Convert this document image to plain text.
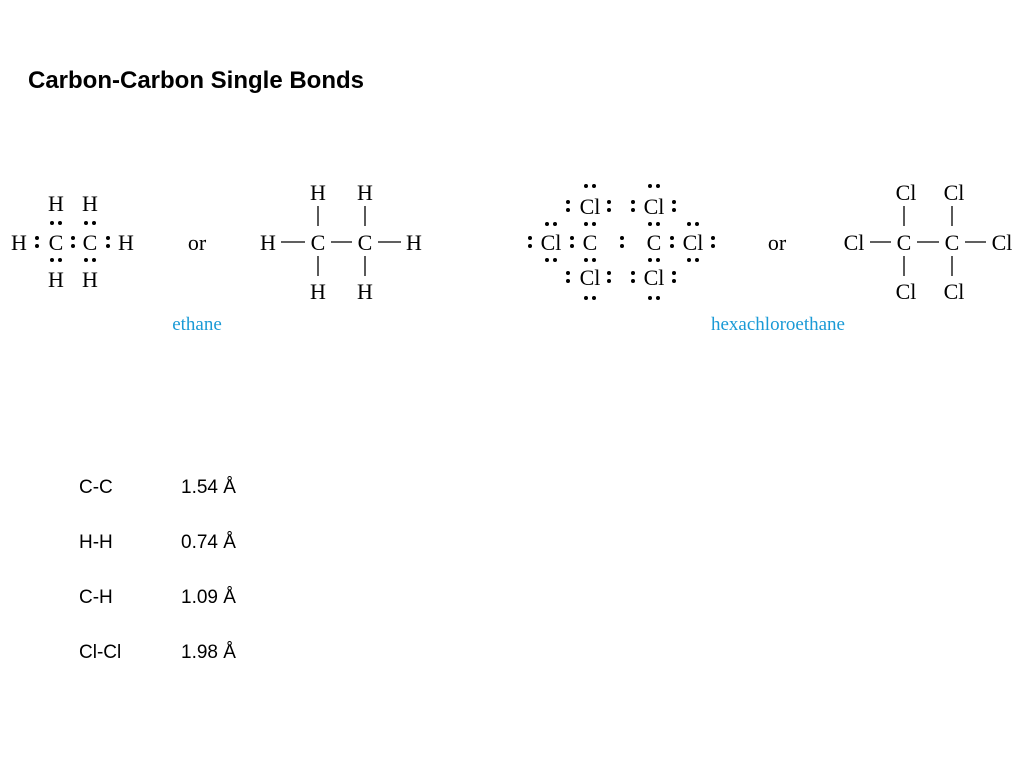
Carbon-Carbon Single Bonds
H H
H C C H
H H
or
H H
H C C H
H H
ethane
Cl Cl
Cl C C Cl
Cl Cl
or
Cl Cl
Cl C C Cl
Cl Cl
hexachloroethane
C-C	1.54 Å
H-H	0.74 Å
C-H	1.09 Å
Cl-Cl	1.98 Å
